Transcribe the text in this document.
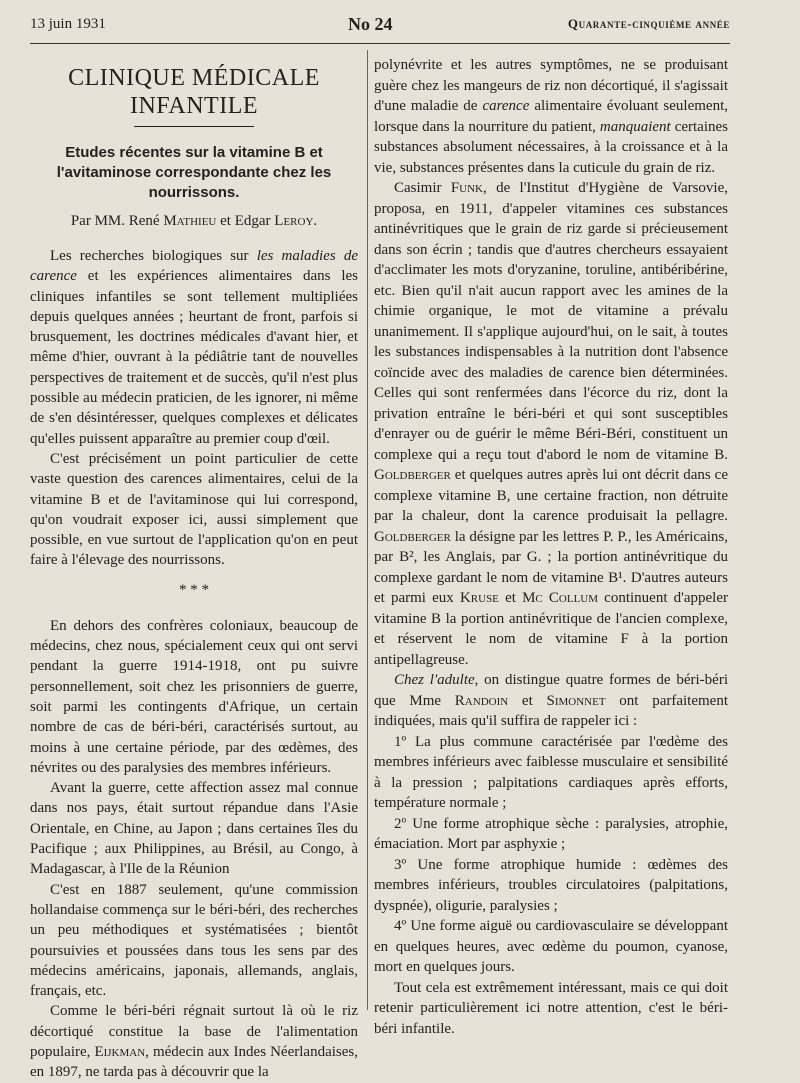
13 juin 1931	No 24	Quarante-cinquième année
CLINIQUE MÉDICALE INFANTILE
Etudes récentes sur la vitamine B et l'avitaminose correspondante chez les nourrissons.
Par MM. René Mathieu et Edgar Leroy.

Les recherches biologiques sur les maladies de carence et les expériences alimentaires dans les cliniques infantiles se sont tellement multipliées depuis quelques années ; heurtant de front, parfois si brusquement, les doctrines médicales d'avant hier, et même d'hier, ouvrant à la pédiâtrie tant de nouvelles perspectives de traitement et de succès, qu'il n'est plus possible au médecin praticien, de les ignorer, ni même de s'en désintéresser, quelques complexes et délicates qu'elles puissent apparaître au premier coup d'œil.

C'est précisément un point particulier de cette vaste question des carences alimentaires, celui de la vitamine B et de l'avitaminose qui lui correspond, qu'on voudrait exposer ici, aussi simplement que possible, en vue surtout de l'application qu'on en peut faire à l'élevage des nourrissons.

* * *

En dehors des confrères coloniaux, beaucoup de médecins, chez nous, spécialement ceux qui ont servi pendant la guerre 1914-1918, ont pu suivre personnellement, soit chez les prisonniers de guerre, soit parmi les contingents d'Afrique, un certain nombre de cas de béri-béri, caractérisés surtout, au moins à une certaine période, par des œdèmes, des névrites ou des paralysies des membres inférieurs.

Avant la guerre, cette affection assez mal connue dans nos pays, était surtout répandue dans l'Asie Orientale, en Chine, au Japon ; dans certaines îles du Pacifique ; aux Philippines, au Brésil, au Congo, à Madagascar, à l'Ile de la Réunion

C'est en 1887 seulement, qu'une commission hollandaise commença sur le béri-béri, des recherches un peu méthodiques et systématisées ; bientôt poursuivies et poussées dans tous les sens par des médecins américains, japonais, allemands, anglais, français, etc.

Comme le béri-béri régnait surtout là où le riz décortiqué constitue la base de l'alimentation populaire, Eijkman, médecin aux Indes Néerlandaises, en 1897, ne tarda pas à découvrir que la

polynévrite et les autres symptômes, ne se produisant guère chez les mangeurs de riz non décortiqué, il s'agissait d'une maladie de carence alimentaire évoluant seulement, lorsque dans la nourriture du patient, manquaient certaines substances absolument nécessaires, à la croissance et à la vie, substances présentes dans la cuticule du grain de riz.

Casimir Funk, de l'Institut d'Hygiène de Varsovie, proposa, en 1911, d'appeler vitamines ces substances antinévritiques que le grain de riz garde si précieusement dans son écrin ; tandis que d'autres chercheurs essayaient d'acclimater les mots d'oryzanine, toruline, antibéribérine, etc. Bien qu'il n'ait aucun rapport avec les amines de la chimie organique, le mot de vitamine a prévalu unanimement. Il s'applique aujourd'hui, on le sait, à toutes les substances indispensables à la nutrition dont l'absence coïncide avec des maladies de carence bien déterminées. Celles qui sont renfermées dans l'écorce du riz, dont la privation entraîne le béri-béri et qui sont susceptibles d'enrayer ou de guérir le même Béri-Béri, constituent un complexe qui a reçu tout d'abord le nom de vitamine B. Goldberger et quelques autres après lui ont décrit dans ce complexe vitamine B, une certaine fraction, non détruite par la chaleur, dont la carence produisait la pellagre. Goldberger la désigne par les lettres P. P., les Américains, par B², les Anglais, par G. ; la portion antinévritique du complexe gardant le nom de vitamine B¹. D'autres auteurs et parmi eux Kruse et Mc Collum continuent d'appeler vitamine B la portion antinévritique de l'ancien complexe, et réservent le nom de vitamine F à la portion antipellagreuse.

Chez l'adulte, on distingue quatre formes de béri-béri que Mme Randoin et Simonnet ont parfaitement indiquées, mais qu'il suffira de rappeler ici :

1º La plus commune caractérisée par l'œdème des membres inférieurs avec faiblesse musculaire et sensibilité à la pression ; palpitations cardiaques après efforts, température normale ;

2º Une forme atrophique sèche : paralysies, atrophie, émaciation. Mort par asphyxie ;

3º Une forme atrophique humide : œdèmes des membres inférieurs, troubles circulatoires (palpitations, dyspnée), oligurie, paralysies ;

4º Une forme aiguë ou cardiovasculaire se développant en quelques heures, avec œdème du poumon, cyanose, mort en quelques jours.

Tout cela est extrêmement intéressant, mais ce qui doit retenir particulièrement ici notre attention, c'est le béri-béri infantile.
